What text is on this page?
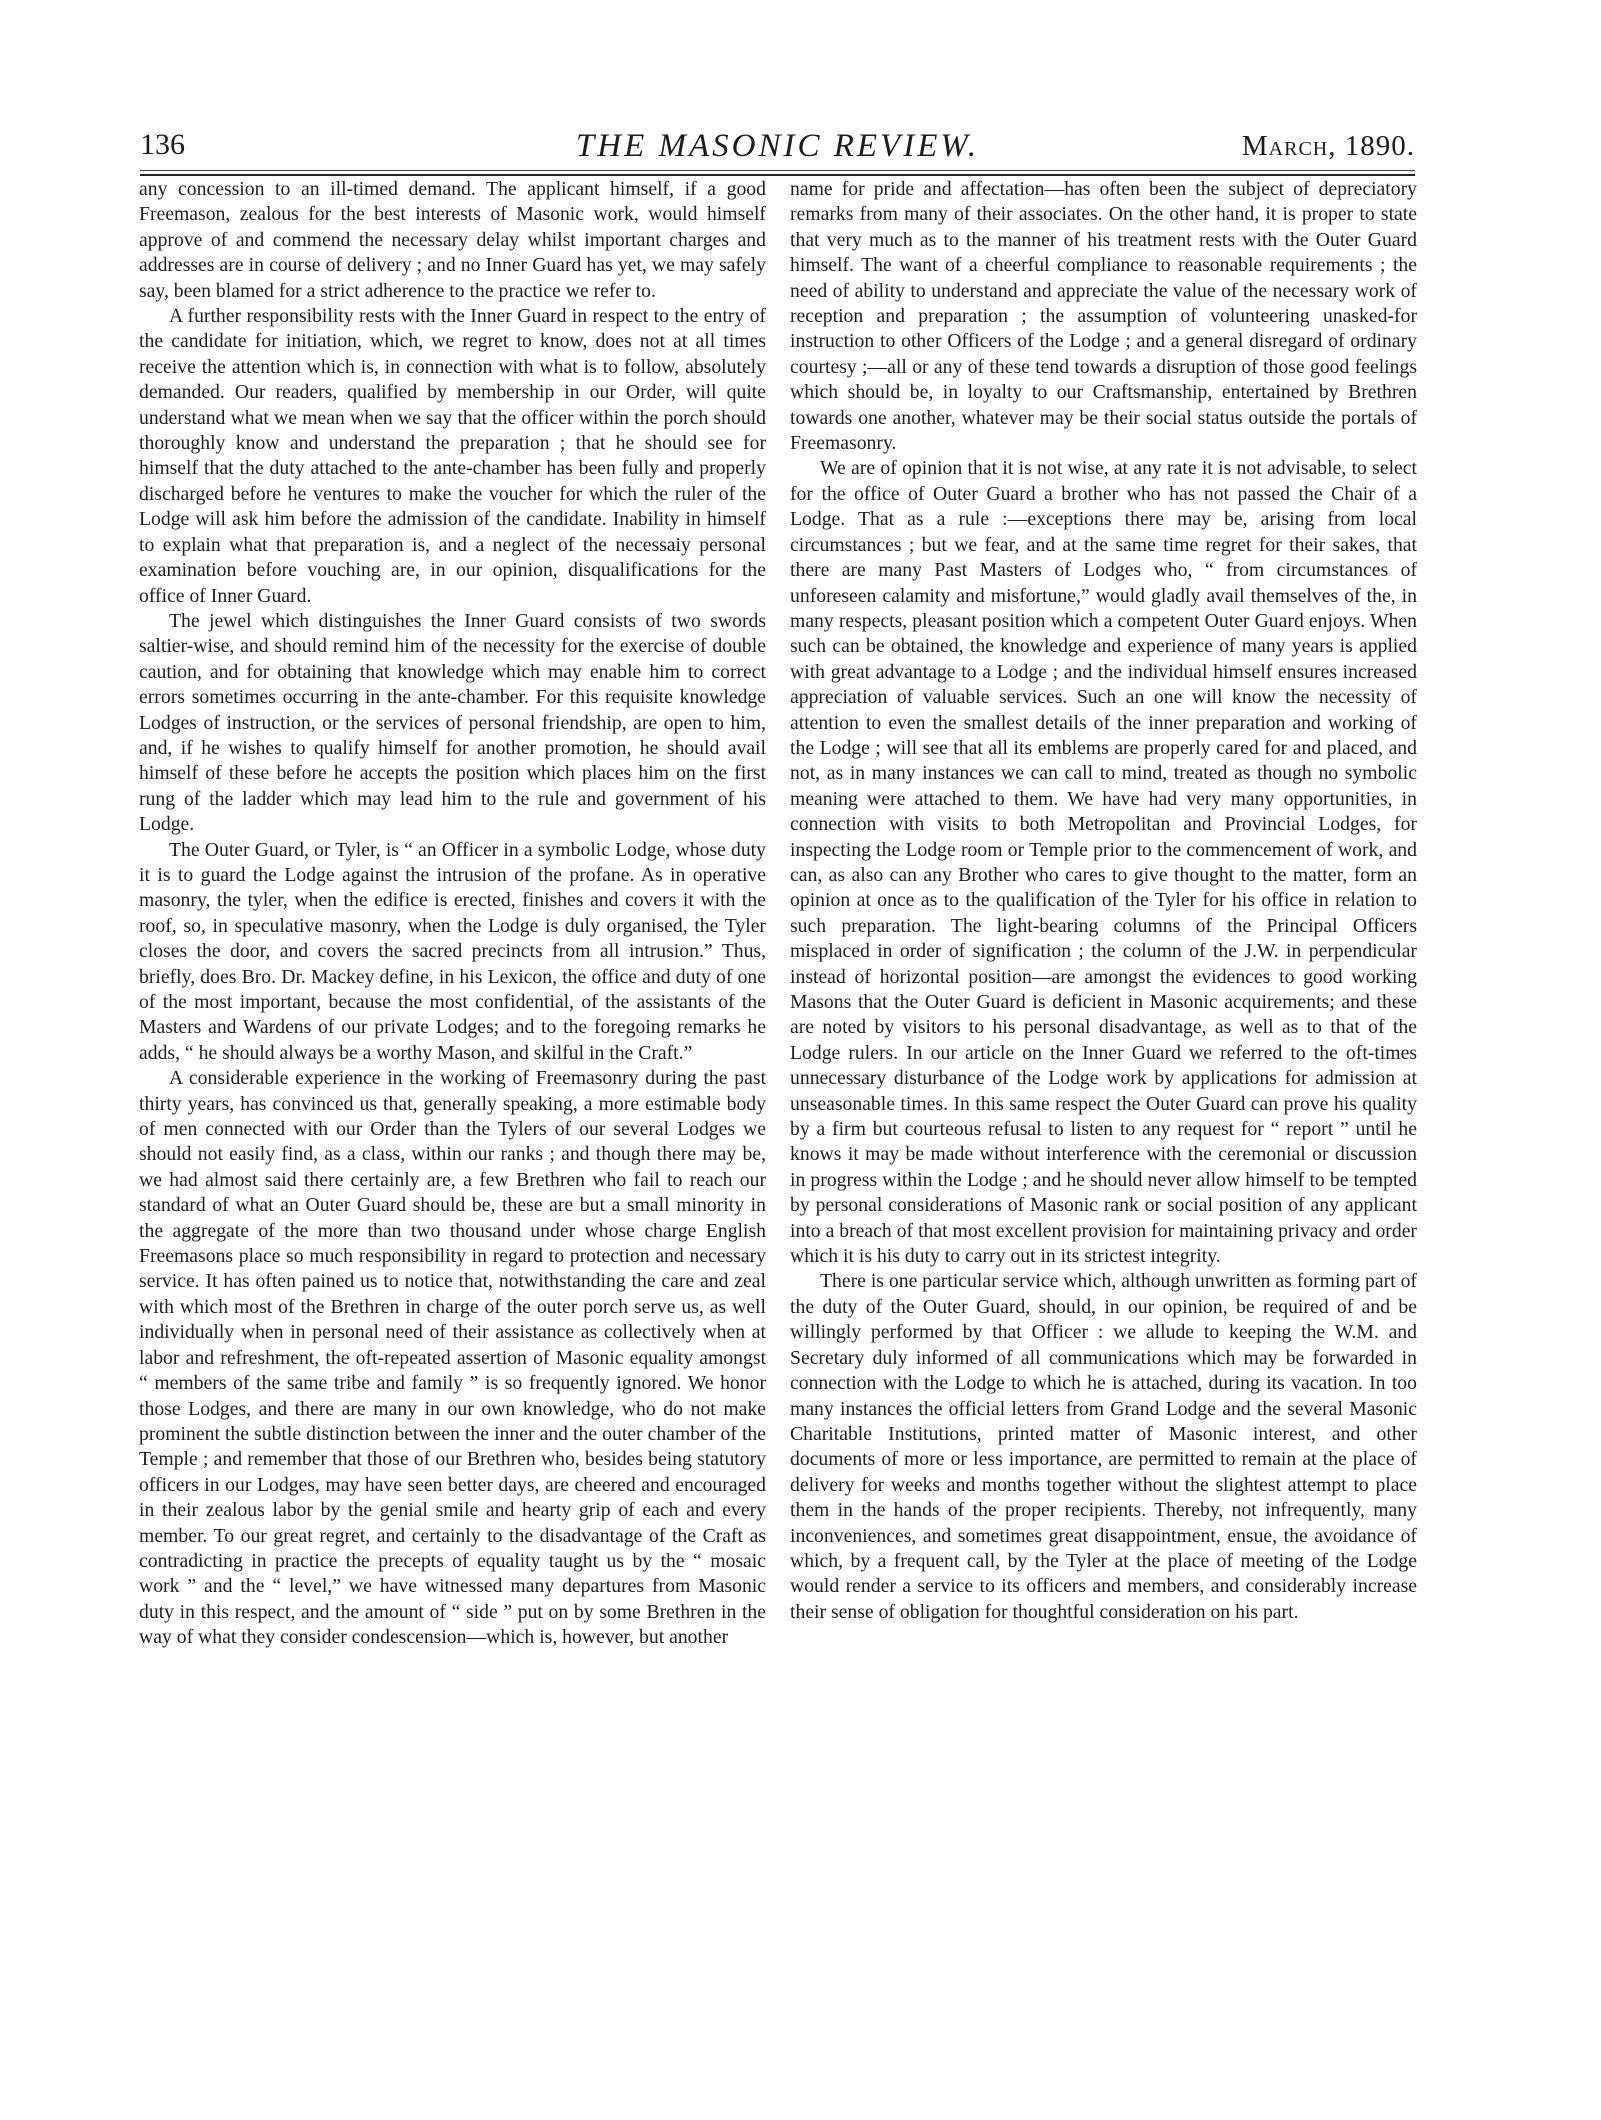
136	THE MASONIC REVIEW.	March, 1890.

any concession to an ill-timed demand. The applicant himself, if a good Freemason, zealous for the best interests of Masonic work, would himself approve of and commend the necessary delay whilst important charges and addresses are in course of delivery ; and no Inner Guard has yet, we may safely say, been blamed for a strict adherence to the practice we refer to.

A further responsibility rests with the Inner Guard in respect to the entry of the candidate for initiation, which, we regret to know, does not at all times receive the attention which is, in connection with what is to follow, absolutely demanded. Our readers, qualified by membership in our Order, will quite understand what we mean when we say that the officer within the porch should thoroughly know and understand the preparation ; that he should see for himself that the duty attached to the ante-chamber has been fully and properly discharged before he ventures to make the voucher for which the ruler of the Lodge will ask him before the admission of the candidate. Inability in himself to explain what that preparation is, and a neglect of the necessaiy personal examination before vouching are, in our opinion, disqualifications for the office of Inner Guard.

The jewel which distinguishes the Inner Guard consists of two swords saltier-wise, and should remind him of the necessity for the exercise of double caution, and for obtaining that knowledge which may enable him to correct errors sometimes occurring in the ante-chamber. For this requisite knowledge Lodges of instruction, or the services of personal friendship, are open to him, and, if he wishes to qualify himself for another promotion, he should avail himself of these before he accepts the position which places him on the first rung of the ladder which may lead him to the rule and government of his Lodge.

The Outer Guard, or Tyler, is “ an Officer in a symbolic Lodge, whose duty it is to guard the Lodge against the intrusion of the profane. As in operative masonry, the tyler, when the edifice is erected, finishes and covers it with the roof, so, in speculative masonry, when the Lodge is duly organised, the Tyler closes the door, and covers the sacred precincts from all intrusion.” Thus, briefly, does Bro. Dr. Mackey define, in his Lexicon, the office and duty of one of the most important, because the most confidential, of the assistants of the Masters and Wardens of our private Lodges; and to the foregoing remarks he adds, “ he should always be a worthy Mason, and skilful in the Craft.”

A considerable experience in the working of Freemasonry during the past thirty years, has convinced us that, generally speaking, a more estimable body of men connected with our Order than the Tylers of our several Lodges we should not easily find, as a class, within our ranks ; and though there may be, we had almost said there certainly are, a few Brethren who fail to reach our standard of what an Outer Guard should be, these are but a small minority in the aggregate of the more than two thousand under whose charge English Freemasons place so much responsibility in regard to protection and necessary service. It has often pained us to notice that, notwithstanding the care and zeal with which most of the Brethren in charge of the outer porch serve us, as well individually when in personal need of their assistance as collectively when at labor and refreshment, the oft-repeated assertion of Masonic equality amongst “ members of the same tribe and family ” is so frequently ignored. We honor those Lodges, and there are many in our own knowledge, who do not make prominent the subtle distinction between the inner and the outer chamber of the Temple ; and remember that those of our Brethren who, besides being statutory officers in our Lodges, may have seen better days, are cheered and encouraged in their zealous labor by the genial smile and hearty grip of each and every member. To our great regret, and certainly to the disadvantage of the Craft as contradicting in practice the precepts of equality taught us by the “ mosaic work ” and the “ level,” we have witnessed many departures from Masonic duty in this respect, and the amount of “ side ” put on by some Brethren in the way of what they consider condescension—which is, however, but another

name for pride and affectation—has often been the subject of depreciatory remarks from many of their associates. On the other hand, it is proper to state that very much as to the manner of his treatment rests with the Outer Guard himself. The want of a cheerful compliance to reasonable requirements ; the need of ability to understand and appreciate the value of the necessary work of reception and preparation ; the assumption of volunteering unasked-for instruction to other Officers of the Lodge ; and a general disregard of ordinary courtesy ;—all or any of these tend towards a disruption of those good feelings which should be, in loyalty to our Craftsmanship, entertained by Brethren towards one another, whatever may be their social status outside the portals of Freemasonry.

We are of opinion that it is not wise, at any rate it is not advisable, to select for the office of Outer Guard a brother who has not passed the Chair of a Lodge. That as a rule :—exceptions there may be, arising from local circumstances ; but we fear, and at the same time regret for their sakes, that there are many Past Masters of Lodges who, “ from circumstances of unforeseen calamity and misfortune,” would gladly avail themselves of the, in many respects, pleasant position which a competent Outer Guard enjoys. When such can be obtained, the knowledge and experience of many years is applied with great advantage to a Lodge ; and the individual himself ensures increased appreciation of valuable services. Such an one will know the necessity of attention to even the smallest details of the inner preparation and working of the Lodge ; will see that all its emblems are properly cared for and placed, and not, as in many instances we can call to mind, treated as though no symbolic meaning were attached to them. We have had very many opportunities, in connection with visits to both Metropolitan and Provincial Lodges, for inspecting the Lodge room or Temple prior to the commencement of work, and can, as also can any Brother who cares to give thought to the matter, form an opinion at once as to the qualification of the Tyler for his office in relation to such preparation. The light-bearing columns of the Principal Officers misplaced in order of signification ; the column of the J.W. in perpendicular instead of horizontal position—are amongst the evidences to good working Masons that the Outer Guard is deficient in Masonic acquirements; and these are noted by visitors to his personal disadvantage, as well as to that of the Lodge rulers. In our article on the Inner Guard we referred to the oft-times unnecessary disturbance of the Lodge work by applications for admission at unseasonable times. In this same respect the Outer Guard can prove his quality by a firm but courteous refusal to listen to any request for “ report ” until he knows it may be made without interference with the ceremonial or discussion in progress within the Lodge ; and he should never allow himself to be tempted by personal considerations of Masonic rank or social position of any applicant into a breach of that most excellent provision for maintaining privacy and order which it is his duty to carry out in its strictest integrity.

There is one particular service which, although unwritten as forming part of the duty of the Outer Guard, should, in our opinion, be required of and be willingly performed by that Officer : we allude to keeping the W.M. and Secretary duly informed of all communications which may be forwarded in connection with the Lodge to which he is attached, during its vacation. In too many instances the official letters from Grand Lodge and the several Masonic Charitable Institutions, printed matter of Masonic interest, and other documents of more or less importance, are permitted to remain at the place of delivery for weeks and months together without the slightest attempt to place them in the hands of the proper recipients. Thereby, not infrequently, many inconveniences, and sometimes great disappointment, ensue, the avoidance of which, by a frequent call, by the Tyler at the place of meeting of the Lodge would render a service to its officers and members, and considerably increase their sense of obligation for thoughtful consideration on his part.
